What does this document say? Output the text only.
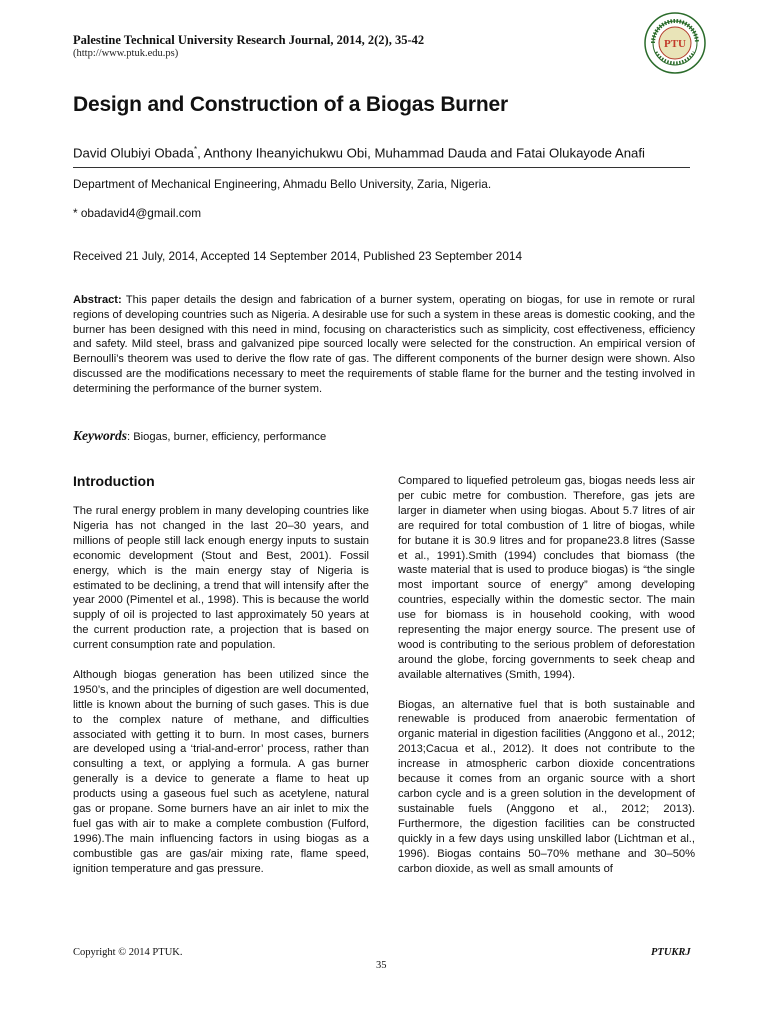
Palestine Technical University Research Journal, 2014, 2(2), 35-42
(http://www.ptuk.edu.ps)
PTU
Design and Construction of a Biogas Burner
David Olubiyi Obada*, Anthony Iheanyichukwu Obi, Muhammad Dauda and Fatai Olukayode Anafi
Department of Mechanical Engineering, Ahmadu Bello University, Zaria, Nigeria.
* obadavid4@gmail.com
Received 21 July, 2014, Accepted 14 September 2014, Published 23 September 2014
Abstract: This paper details the design and fabrication of a burner system, operating on biogas, for use in remote or rural regions of developing countries such as Nigeria. A desirable use for such a system in these areas is domestic cooking, and the burner has been designed with this need in mind, focusing on characteristics such as simplicity, cost effectiveness, efficiency and safety. Mild steel, brass and galvanized pipe sourced locally were selected for the construction. An empirical version of Bernoulli’s theorem was used to derive the flow rate of gas. The different components of the burner design were shown. Also discussed are the modifications necessary to meet the requirements of stable flame for the burner and the testing involved in determining the performance of the burner system.
Keywords: Biogas, burner, efficiency, performance
Introduction

The rural energy problem in many developing countries like Nigeria has not changed in the last 20–30 years, and millions of people still lack enough energy inputs to sustain economic development (Stout and Best, 2001). Fossil energy, which is the main energy stay of Nigeria is estimated to be declining, a trend that will intensify after the year 2000 (Pimentel et al., 1998). This is because the world supply of oil is projected to last approximately 50 years at the current production rate, a projection that is based on current consumption rate and population.

Although biogas generation has been utilized since the 1950’s, and the principles of digestion are well documented, little is known about the burning of such gases. This is due to the complex nature of methane, and difficulties associated with getting it to burn. In most cases, burners are developed using a ‘trial-and-error’ process, rather than consulting a text, or applying a formula. A gas burner generally is a device to generate a flame to heat up products using a gaseous fuel such as acetylene, natural gas or propane. Some burners have an air inlet to mix the fuel gas with air to make a complete combustion (Fulford, 1996).The main influencing factors in using biogas as a combustible gas are gas/air mixing rate, flame speed, ignition temperature and gas pressure.

Compared to liquefied petroleum gas, biogas needs less air per cubic metre for combustion. Therefore, gas jets are larger in diameter when using biogas. About 5.7 litres of air are required for total combustion of 1 litre of biogas, while for butane it is 30.9 litres and for propane23.8 litres (Sasse et al., 1991).Smith (1994) concludes that biomass (the waste material that is used to produce biogas) is “the single most important source of energy” among developing countries, especially within the domestic sector. The main use for biomass is in household cooking, with wood representing the major energy source. The present use of wood is contributing to the serious problem of deforestation around the globe, forcing governments to seek cheap and available alternatives (Smith, 1994).

Biogas, an alternative fuel that is both sustainable and renewable is produced from anaerobic fermentation of organic material in digestion facilities (Anggono et al., 2012; 2013;Cacua et al., 2012). It does not contribute to the increase in atmospheric carbon dioxide concentrations because it comes from an organic source with a short carbon cycle and is a green solution in the development of sustainable fuels (Anggono et al., 2012; 2013). Furthermore, the digestion facilities can be constructed quickly in a few days using unskilled labor (Lichtman et al., 1996). Biogas contains 50–70% methane and 30–50% carbon dioxide, as well as small amounts of

Copyright © 2014 PTUK.	PTUKRJ
35
